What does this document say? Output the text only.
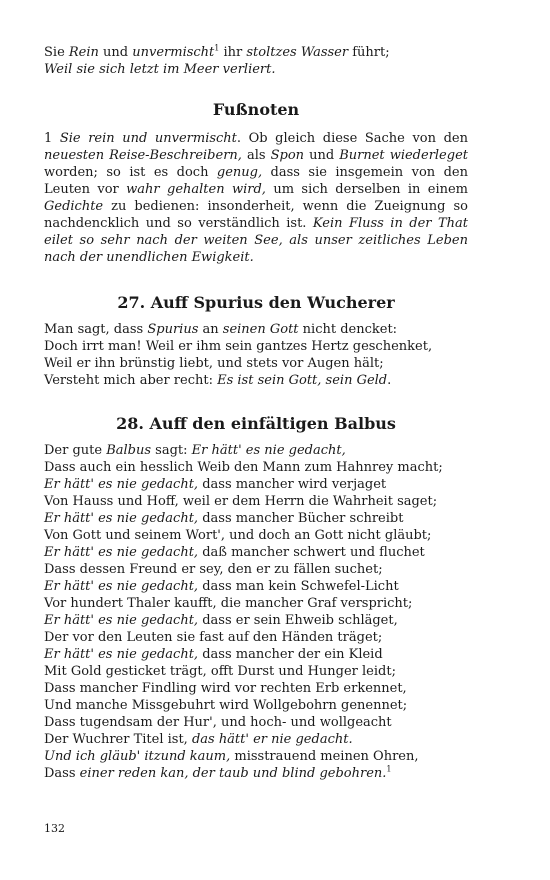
Sie Rein und unvermischt$^1$ ihr stoltzes Wasser führt;
Weil sie sich letzt im Meer verliert.
Fußnoten
1 Sie rein und unvermischt. Ob gleich diese Sache von den neuesten Reise-Beschreibern, als Spon und Burnet wiederleget worden; so ist es doch genug, dass sie insgemein von den Leuten vor wahr gehalten wird, um sich derselben in einem Gedichte zu bedienen: insonderheit, wenn die Zueignung so nachdencklich und so verständlich ist. Kein Fluss in der That eilet so sehr nach der weiten See, als unser zeitliches Leben nach der unendlichen Ewigkeit.
27. Auff Spurius den Wucherer
Man sagt, dass Spurius an seinen Gott nicht dencket:
Doch irrt man! Weil er ihm sein gantzes Hertz geschenket,
Weil er ihn brünstig liebt, und stets vor Augen hält;
Versteht mich aber recht: Es ist sein Gott, sein Geld.
28. Auff den einfältigen Balbus
Der gute Balbus sagt: Er hätt' es nie gedacht,
Dass auch ein hesslich Weib den Mann zum Hahnrey macht;
Er hätt' es nie gedacht, dass mancher wird verjaget
Von Hauss und Hoff, weil er dem Herrn die Wahrheit saget;
Er hätt' es nie gedacht, dass mancher Bücher schreibt
Von Gott und seinem Wort', und doch an Gott nicht gläubt;
Er hätt' es nie gedacht, daß mancher schwert und fluchet
Dass dessen Freund er sey, den er zu fällen suchet;
Er hätt' es nie gedacht, dass man kein Schwefel-Licht
Vor hundert Thaler kaufft, die mancher Graf verspricht;
Er hätt' es nie gedacht, dass er sein Ehweib schläget,
Der vor den Leuten sie fast auf den Händen träget;
Er hätt' es nie gedacht, dass mancher der ein Kleid
Mit Gold gesticket trägt, offt Durst und Hunger leidt;
Dass mancher Findling wird vor rechten Erb erkennet,
Und manche Missgebuhrt wird Wollgebohrn genennet;
Dass tugendsam der Hur', und hoch- und wollgeacht
Der Wuchrer Titel ist, das hätt' er nie gedacht.
Und ich gläub' itzund kaum, misstrauend meinen Ohren,
Dass einer reden kan, der taub und blind gebohren.$^1$
132
